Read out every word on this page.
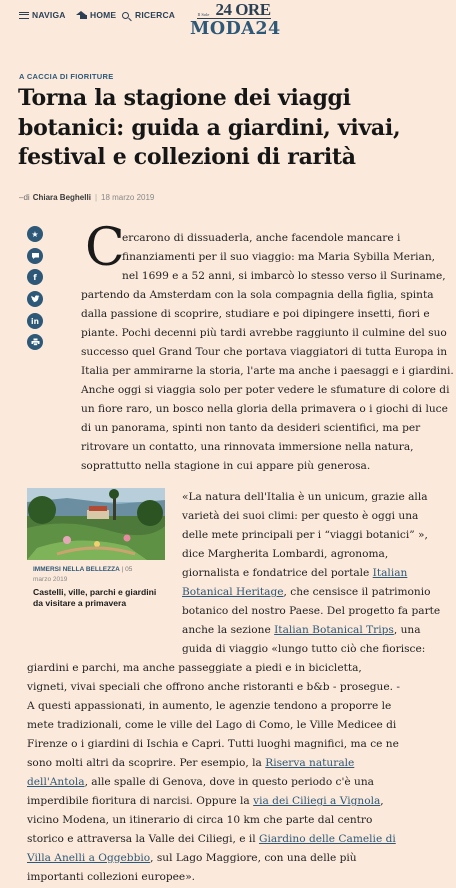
NAVIGA	HOME RICERCA	Il Sole 24 ORE
MODA24
A CACCIA DI FIORITURE
Torna la stagione dei viaggi
botanici: guida a giardini, vivai,
festival e collezioni di rarità
–di Chiara Beghelli | 18 marzo 2019
★
f
in
C
ercarono di dissuaderla, anche facendole mancare i
finanziamenti per il suo viaggio: ma Maria Sybilla Merian,
nel 1699 e a 52 anni, si imbarcò lo stesso verso il Suriname,
partendo da Amsterdam con la sola compagnia della figlia, spinta
dalla passione di scoprire, studiare e poi dipingere insetti, fiori e
piante. Pochi decenni più tardi avrebbe raggiunto il culmine del suo
successo quel Grand Tour che portava viaggiatori di tutta Europa in
Italia per ammirarne la storia, l'arte ma anche i paesaggi e i giardini.
Anche oggi si viaggia solo per poter vedere le sfumature di colore di
un fiore raro, un bosco nella gloria della primavera o i giochi di luce
di un panorama, spinti non tanto da desideri scientifici, ma per
ritrovare un contatto, una rinnovata immersione nella natura,
soprattutto nella stagione in cui appare più generosa.
IMMERSI NELLA BELLEZZA | 05
marzo 2019
Castelli, ville, parchi e giardini da visitare a primavera
«La natura dell'Italia è un unicum, grazie alla
varietà dei suoi climi: per questo è oggi una
delle mete principali per i “viaggi botanici” »,
dice Margherita Lombardi, agronoma,
giornalista e fondatrice del portale Italian
Botanical Heritage, che censisce il patrimonio
botanico del nostro Paese. Del progetto fa parte
anche la sezione Italian Botanical Trips, una
guida di viaggio «lungo tutto ciò che fiorisce:
giardini e parchi, ma anche passeggiate a piedi e in bicicletta,
vigneti, vivai speciali che offrono anche ristoranti e b&b - prosegue. -
A questi appassionati, in aumento, le agenzie tendono a proporre le
mete tradizionali, come le ville del Lago di Como, le Ville Medicee di
Firenze o i giardini di Ischia e Capri. Tutti luoghi magnifici, ma ce ne
sono molti altri da scoprire. Per esempio, la Riserva naturale
dell'Antola, alle spalle di Genova, dove in questo periodo c'è una
imperdibile fioritura di narcisi. Oppure la via dei Ciliegi a Vignola,
vicino Modena, un itinerario di circa 10 km che parte dal centro
storico e attraversa la Valle dei Ciliegi, e il Giardino delle Camelie di
Villa Anelli a Oggebbio, sul Lago Maggiore, con una delle più
importanti collezioni europee».
